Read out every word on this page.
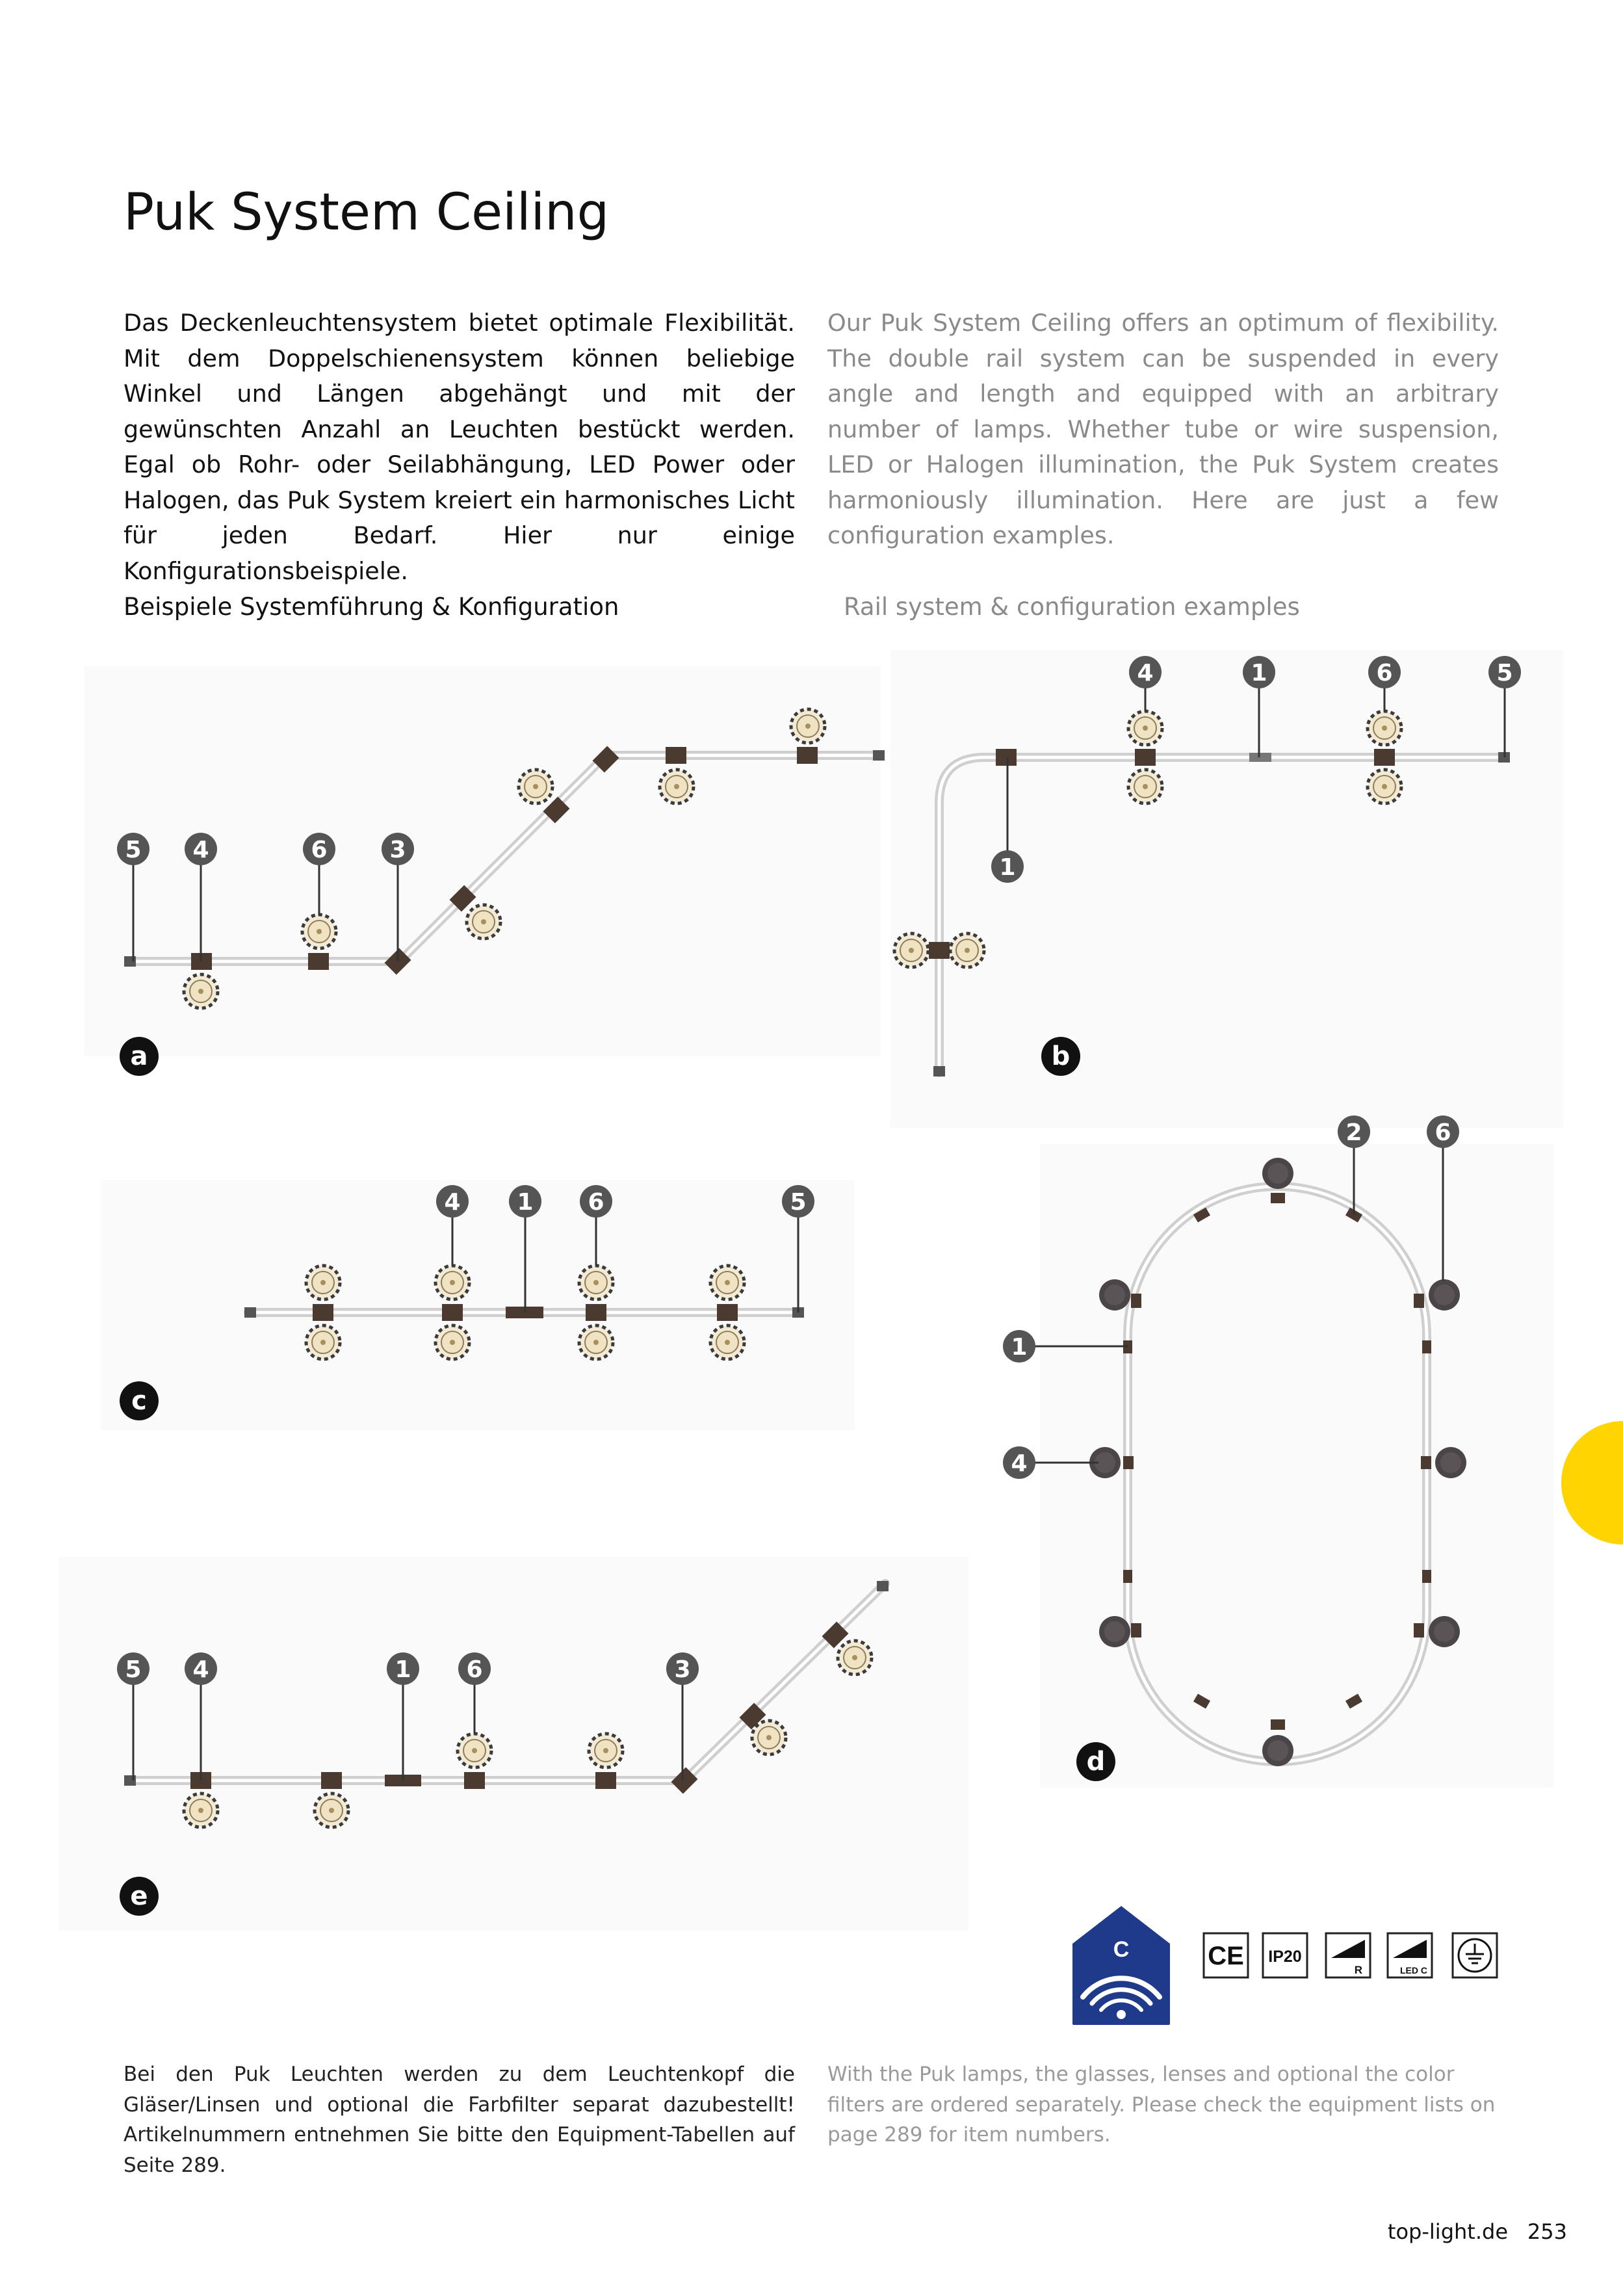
Puk System Ceiling

Das Deckenleuchtensystem bietet optimale Flexibilität. Mit dem Doppelschienensystem können beliebige Winkel und Längen abgehängt und mit der gewünschten Anzahl an Leuchten bestückt werden. Egal ob Rohr- oder Seilabhängung, LED Power oder Halogen, das Puk System kreiert ein harmonisches Licht für jeden Bedarf. Hier nur einige Konfigurationsbeispiele.

Our Puk System Ceiling offers an optimum of flexibility. The double rail system can be suspended in every angle and length and equipped with an arbitrary number of lamps. Whether tube or wire suspension, LED or Halogen illumination, the Puk System creates harmoniously illumination. Here are just a few configuration examples.

Beispiele Systemführung & Konfiguration	Rail system & configuration examples

5 4	6	3
a
4	1	6	5
1
b
4 1 6	5
c
2	6
1
4
d
5 4	1 6	3
e
C	CE IP20
R	LED C

Bei den Puk Leuchten werden zu dem Leuchtenkopf die Gläser/Linsen und optional die Farbfilter separat dazubestellt! Artikelnummern entnehmen Sie bitte den Equipment-Tabellen auf Seite 289.

With the Puk lamps, the glasses, lenses and optional the color filters are ordered separately. Please check the equipment lists on page 289 for item numbers.

top-light.de 253
